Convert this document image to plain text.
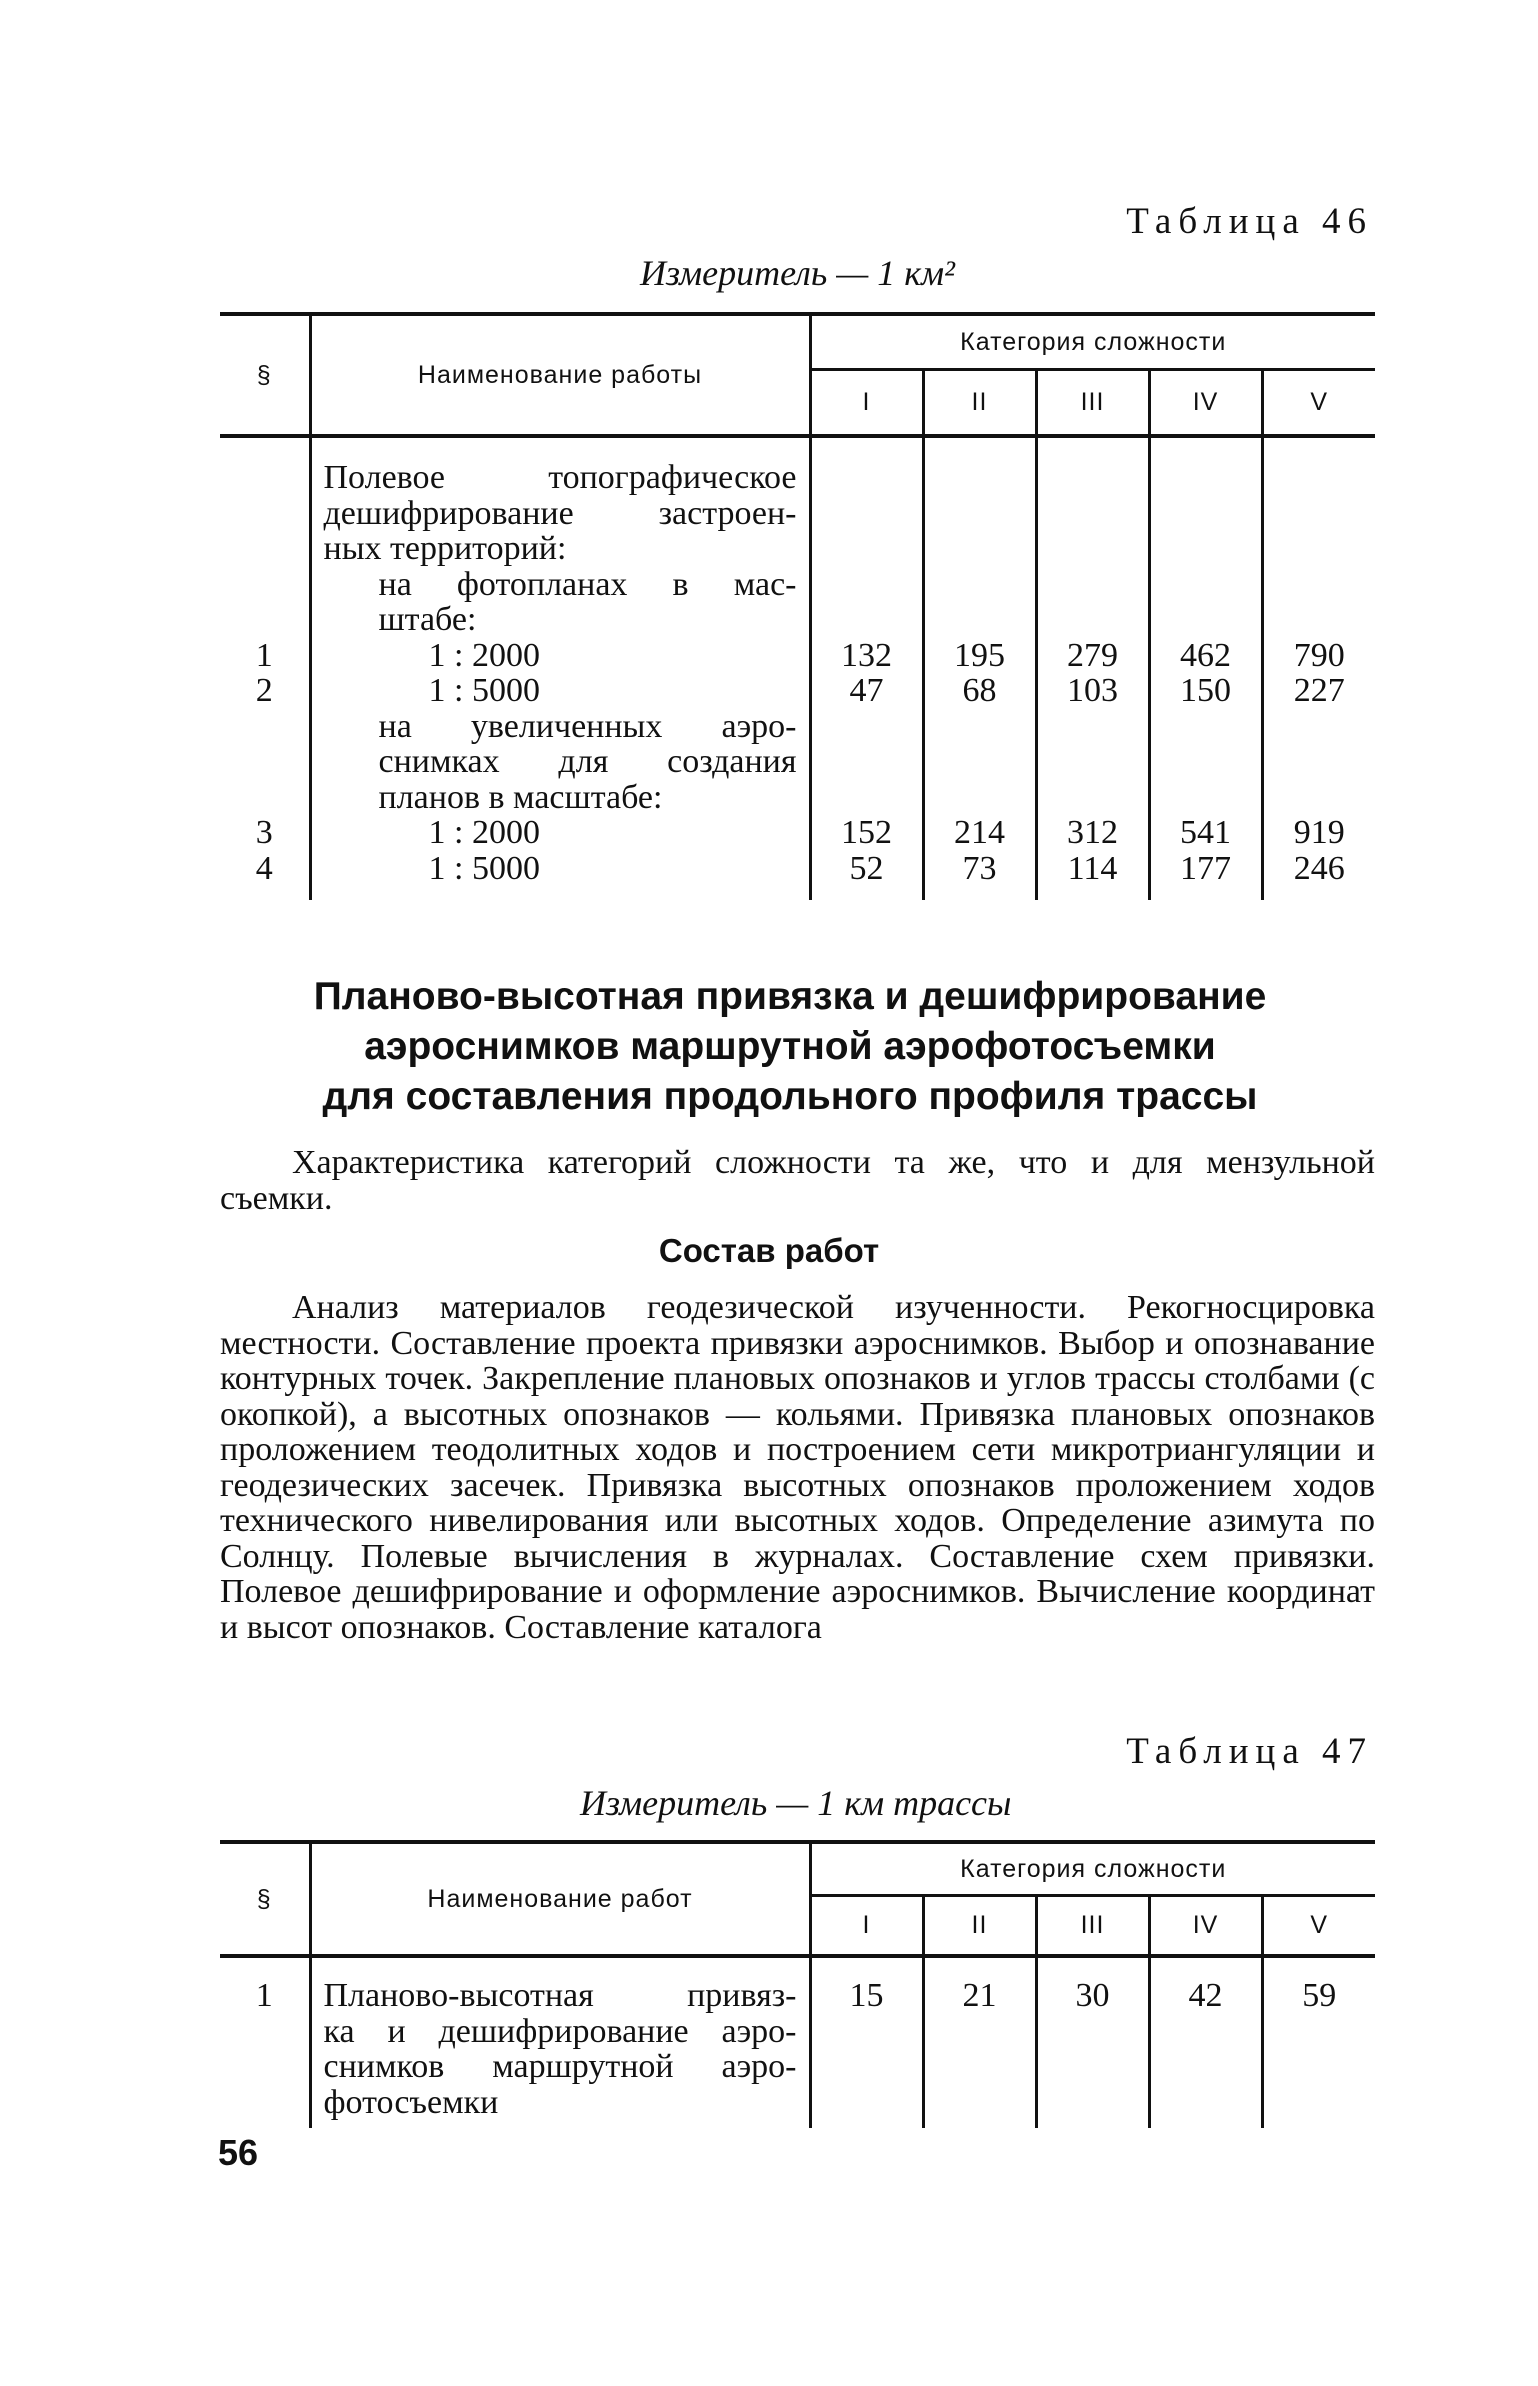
Таблица 46
Измеритель — 1 км²
§	Наименование работы	Категория сложности				
		I	II	III	IV	V

	Полевое топографическое
дешифрирование застроен-
ных территорий:					

	на фотопланах в мас-
штабе:					

1	1 : 2000	132	195	279	462	790
2	1 : 5000	47	68	103	150	227

	на увеличенных аэро-
снимках для создания
планов в масштабе:					

3	1 : 2000	152	214	312	541	919
4	1 : 5000	52	73	114	177	246
Планово-высотная привязка и дешифрирование
аэроснимков маршрутной аэрофотосъемки
для составления продольного профиля трассы
Характеристика категорий сложности та же, что и для мензульной съемки.
Состав работ
Анализ материалов геодезической изученности. Рекогносцировка местности. Составление проекта привязки аэроснимков. Выбор и опознавание контурных точек. Закрепление плановых опознаков и углов трассы столбами (с окопкой), а высотных опознаков — кольями. Привязка плановых опознаков проложением теодолитных ходов и построением сети микротриангуляции и геодезических засечек. Привязка высотных опознаков проложением ходов технического нивелирования или высотных ходов. Определение азимута по Солнцу. Полевые вычисления в журналах. Составление схем привязки. Полевое дешифрирование и оформление аэроснимков. Вычисление координат и высот опознаков. Составление каталога
Таблица 47
Измеритель — 1 км трассы
§	Наименование работ	Категория сложности				
		I	II	III	IV	V
1	Планово-высотная привяз-
ка и дешифрирование аэро-
снимков маршрутной аэро-
фотосъемки	15	21	30	42	59
56
